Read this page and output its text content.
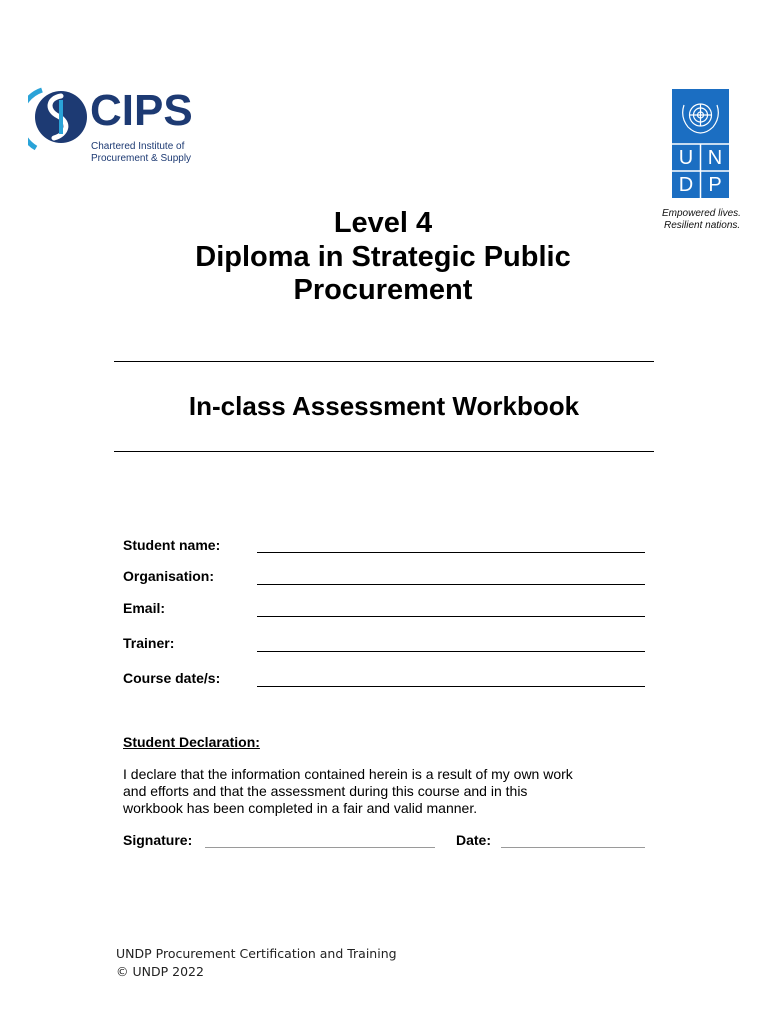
CIPS
Chartered Institute of
Procurement & Supply	U N
D P
Empowered lives.
Resilient nations.
Level 4
Diploma in Strategic Public
Procurement
In-class Assessment Workbook
Student name:
Organisation:
Email:
Trainer:
Course date/s:
Student Declaration:
I declare that the information contained herein is a result of my own work
and efforts and that the assessment during this course and in this
workbook has been completed in a fair and valid manner.
Signature:	Date:
UNDP Procurement Certification and Training
© UNDP 2022
